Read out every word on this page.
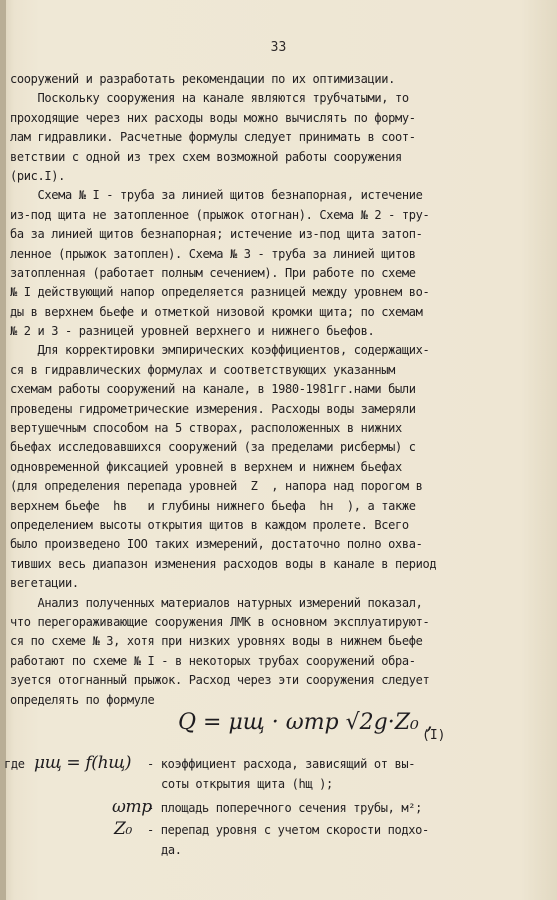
33
сооружений и разработать рекомендации по их оптимизации.
Поскольку сооружения на канале являются трубчатыми, то
проходящие через них расходы воды можно вычислять по форму-
лам гидравлики. Расчетные формулы следует принимать в соот-
ветствии с одной из трех схем возможной работы сооружения
(рис.I).
Схема № I - труба за линией щитов безнапорная, истечение
из-под щита не затопленное (прыжок отогнан). Схема № 2 - тру-
ба за линией щитов безнапорная; истечение из-под щита затоп-
ленное (прыжок затоплен). Схема № 3 - труба за линией щитов
затопленная (работает полным сечением). При работе по схеме
№ I действующий напор определяется разницей между уровнем во-
ды в верхнем бьефе и отметкой низовой кромки щита; по схемам
№ 2 и 3 - разницей уровней верхнего и нижнего бьефов.
Для корректировки эмпирических коэффициентов, содержащих-
ся в гидравлических формулах и соответствующих указанным
схемам работы сооружений на канале, в 1980-1981гг.нами были
проведены гидрометрические измерения. Расходы воды замеряли
вертушечным способом на 5 створах, расположенных в нижних
бьефах исследовавшихся сооружений (за пределами рисбермы) с
одновременной фиксацией уровней в верхнем и нижнем бьефах
(для определения перепада уровней  Z  , напора над порогом в
верхнем бьефе  hв   и глубины нижнего бьефа  hн  ), а также
определением высоты открытия щитов в каждом пролете. Всего
было произведено IOO таких измерений, достаточно полно охва-
тивших весь диапазон изменения расходов воды в канале в период
вегетации.
Анализ полученных материалов натурных измерений показал,
что перегораживающие сооружения ЛМК в основном эксплуатируют-
ся по схеме № 3, хотя при низких уровнях воды в нижнем бьефе
работают по схеме № I - в некоторых трубах сооружений обра-
зуется отогнанный прыжок. Расход через эти сооружения следует
определять по формуле
Q = μщ · ωтр √2g·Z₀ ,
(I)
где μщ = f(hщ) - коэффициент расхода, зависящий от вы-
сoты открытия щита (hщ );
ωтр
- площадь поперечного сечения трубы, м²;
Z₀ - перепад уровня с учетом скорости подхо-
да.
